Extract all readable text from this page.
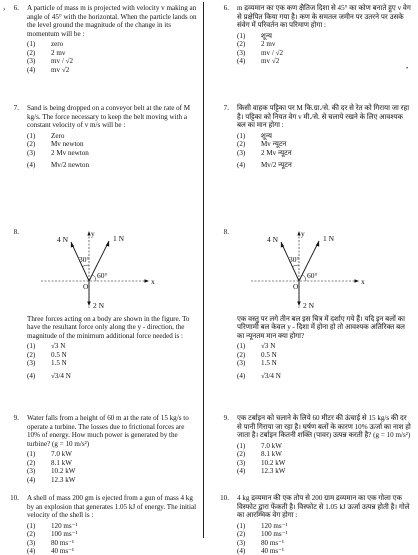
›
•
6. A particle of mass m is projected with velocity v making an angle of 45° with the horizontal. When the particle lands on the level ground the magnitude of the change in its momentum will be :

(1)	zero
(2)	2 mv
(3)	mv / √2
(4)	mv √2
7. Sand is being dropped on a conveyor belt at the rate of M kg/s. The force necessary to keep the belt moving with a constant velocity of v m/s will be :

(1)	Zero
(2)	Mv newton
(3)	2 Mv newton
(4)	Mv/2 newton
8.
4 N	1 N
2 N
30°
60°
y
x
O

Three forces acting on a body are shown in the figure. To have the resultant force only along the y - direction, the magnitude of the minimum additional force needed is :

(1)	√3 N
(2)	0.5 N
(3)	1.5 N
(4)	√3/4 N
9. Water falls from a height of 60 m at the rate of 15 kg/s to operate a turbine. The losses due to frictional forces are 10% of energy. How much power is generated by the turbine? (g = 10 m/s²)

(1)	7.0 kW
(2)	8.1 kW
(3)	10.2 kW
(4)	12.3 kW
10. A shell of mass 200 gm is ejected from a gun of mass 4 kg by an explosion that generates 1.05 kJ of energy. The initial velocity of the shell is :

(1)	120 ms⁻¹
(2)	100 ms⁻¹
(3)	80 ms⁻¹
(4)	40 ms⁻¹
6. m द्रव्यमान का एक कण क्षैतिज दिशा से 45° का कोण बनाते हुए v वेग से प्रक्षेपित किया गया है। कण के समतल जमीन पर उतरने पर उसके संवेग में परिवर्तन का परिमाण होगा :

(1)	शून्य
(2)	2 mv
(3)	mv / √2
(4)	mv √2
7. किसी वाहक पट्टिका पर M कि.ग्रा./से. की दर से रेत को गिराया जा रहा है। पट्टिका को नियत वेग v मी./से. से चलाये रखने के लिए आवश्यक बल का मान होगा :

(1)	शून्य
(2)	Mv न्यूटन
(3)	2 Mv न्यूटन
(4)	Mv/2 न्यूटन
8.
4 N	1 N
2 N
30°
60°
y
x
O

एक वस्तु पर लगे तीन बल इस चित्र में दर्शाए गये हैं। यदि इन बलों का परिणामी बल केवल y - दिशा में होना हो तो आवश्यक अतिरिक्त बल का न्यूनतम मान क्या होगा?

(1)	√3 N
(2)	0.5 N
(3)	1.5 N
(4)	√3/4 N
9. एक टर्बाइन को चलाने के लिये 60 मीटर की ऊंचाई से 15 kg/s की दर से पानी गिराया जा रहा है। घर्षण बलों के कारण 10% ऊर्जा का नाश हो जाता है। टर्बाइन कितनी शक्ति (पावर) उत्पन्न करती है? (g = 10 m/s²)

(1)	7.0 kW
(2)	8.1 kW
(3)	10.2 kW
(4)	12.3 kW
10. 4 kg द्रव्यमान की एक तोप से 200 ग्राम द्रव्यमान का एक गोला एक विस्फोट द्वारा फेंकती है। विस्फोट से 1.05 kJ ऊर्जा उत्पन्न होती है। गोले का आरम्भिक वेग होगा :

(1)	120 ms⁻¹
(2)	100 ms⁻¹
(3)	80 ms⁻¹
(4)	40 ms⁻¹
